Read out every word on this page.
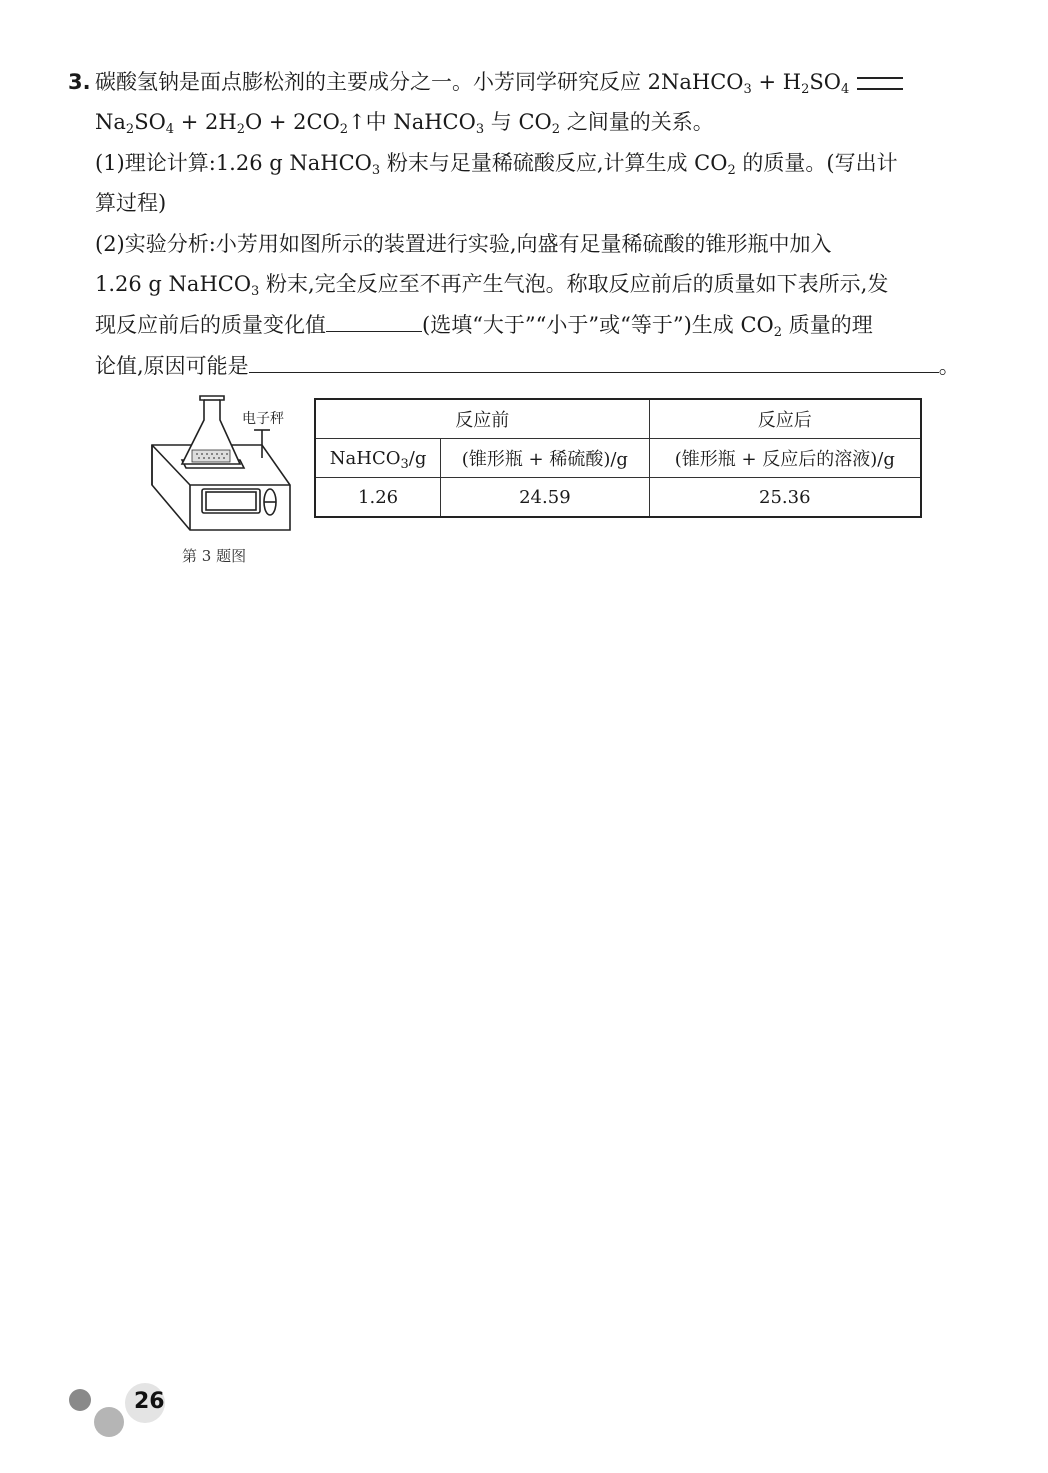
3. 碳酸氢钠是面点膨松剂的主要成分之一。小芳同学研究反应 2NaHCO$_3$ + $H_2SO_4$
$Na_2SO_4 + 2H_2O$ + $2CO_2↑$中 NaHCO$_3$ 与 $CO_2$ 之间量的关系。
(1)理论计算:1.26 g NaHCO$_3$ 粉末与足量稀硫酸反应,计算生成 $CO_2$ 的质量。(写出计
算过程)
(2)实验分析:小芳用如图所示的装置进行实验,向盛有足量稀硫酸的锥形瓶中加入
1.26 g NaHCO$_3$ 粉末,完全反应至不再产生气泡。称取反应前后的质量如下表所示,发
现反应前后的质量变化值	(选填“大于”“小于”或“等于”)生成 $CO_2$ 质量的理
论值,原因可能是	。
电子秤
第 3 题图
反应前		反应后
NaHCO$_3$/g	(锥形瓶 + 稀硫酸)/g	(锥形瓶 + 反应后的溶液)/g
1.26	24.59	25.36
26
